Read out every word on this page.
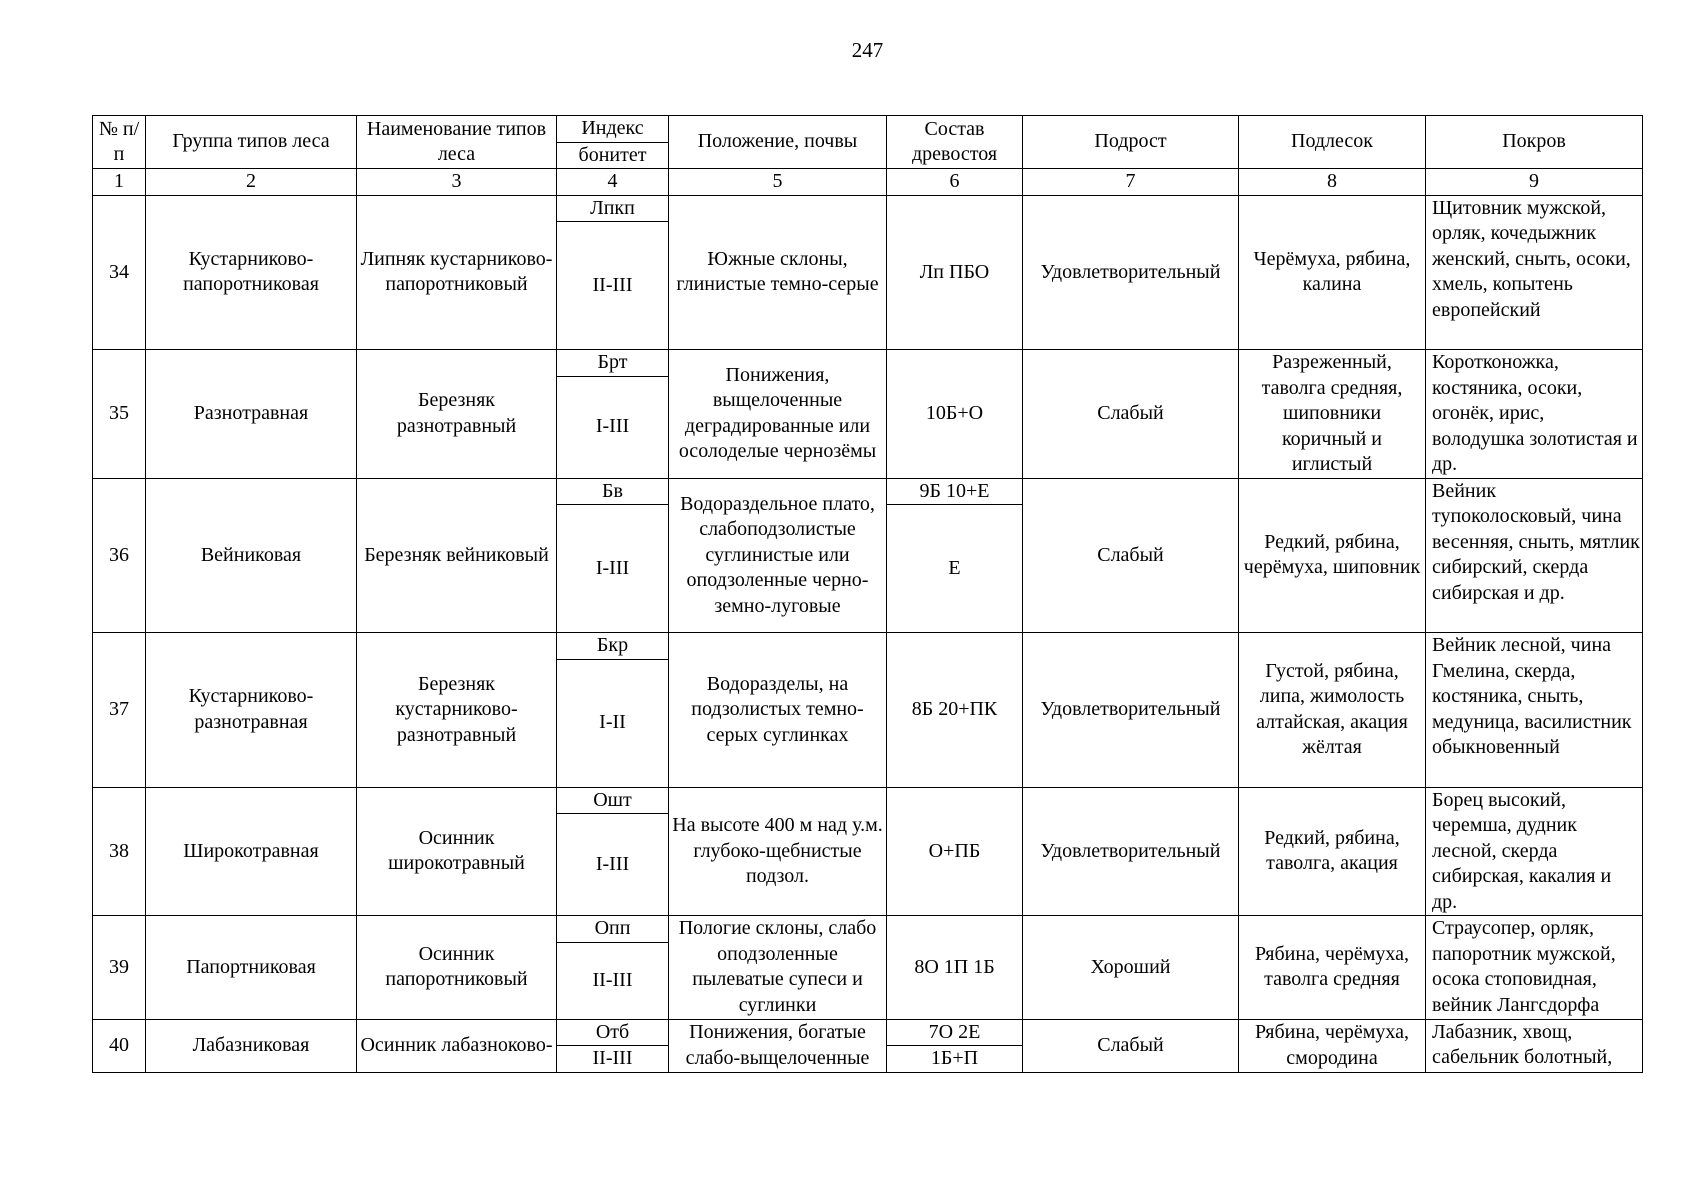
247
№ п/п	Группа типов леса	Наименование типов леса	Индекс	Положение, почвы	Состав древостоя	Подрост	Подлесок	Покров
			бонитет					
1	2	3	4	5	6	7	8	9
34	Кустарниково-папоротниковая	Липняк кустарниково-папоротниковый	Лпкп	Южные склоны, глинистые темно-серые	Лп ПБО	Удовлетворительный	Черёмуха, рябина, калина	Щитовник мужской, орляк, кочедыжник женский, сныть, осоки, хмель, копытень европейский
			II-III					
35	Разнотравная	Березняк разнотравный	Брт	Понижения, выщелоченные деградированные или осолоделые чернозёмы	10Б+О	Слабый	Разреженный, таволга средняя, шиповники коричный и иглистый	Коротконожка, костяника, осоки, огонёк, ирис, володушка золотистая и др.
			I-III					
36	Вейниковая	Березняк вейниковый	Бв	Водораздельное плато, слабоподзолистые суглинистые или оподзоленные черно-земно-луговые	9Б 10+Е	Слабый	Редкий, рябина, черёмуха, шиповник	Вейник тупоколосковый, чина весенняя, сныть, мятлик сибирский, скерда сибирская и др.
			I-III		Е			
37	Кустарниково-разнотравная	Березняк кустарниково-разнотравный	Бкр	Водоразделы, на подзолистых темно-серых суглинках	8Б 20+ПК	Удовлетворительный	Густой, рябина, липа, жимолость алтайская, акация жёлтая	Вейник лесной, чина Гмелина, скерда, костяника, сныть, медуница, василистник обыкновенный
			I-II					
38	Широкотравная	Осинник широкотравный	Ошт	На высоте 400 м над у.м. глубоко-щебнистые подзол.	О+ПБ	Удовлетворительный	Редкий, рябина, таволга, акация	Борец высокий, черемша, дудник лесной, скерда сибирская, какалия и др.
			I-III					
39	Папортниковая	Осинник папоротниковый	Опп	Пологие склоны, слабо оподзоленные пылеватые супеси и суглинки	8О 1П 1Б	Хороший	Рябина, черёмуха, таволга средняя	Страусопер, орляк, папоротник мужской, осока стоповидная, вейник Лангсдорфа
			II-III					
40	Лабазниковая	Осинник лабазноково-	Отб	Понижения, богатые слабо-выщелоченные	7О 2Е	Слабый	Рябина, черёмуха, смородина	Лабазник, хвощ, сабельник болотный,
			II-III		1Б+П			
